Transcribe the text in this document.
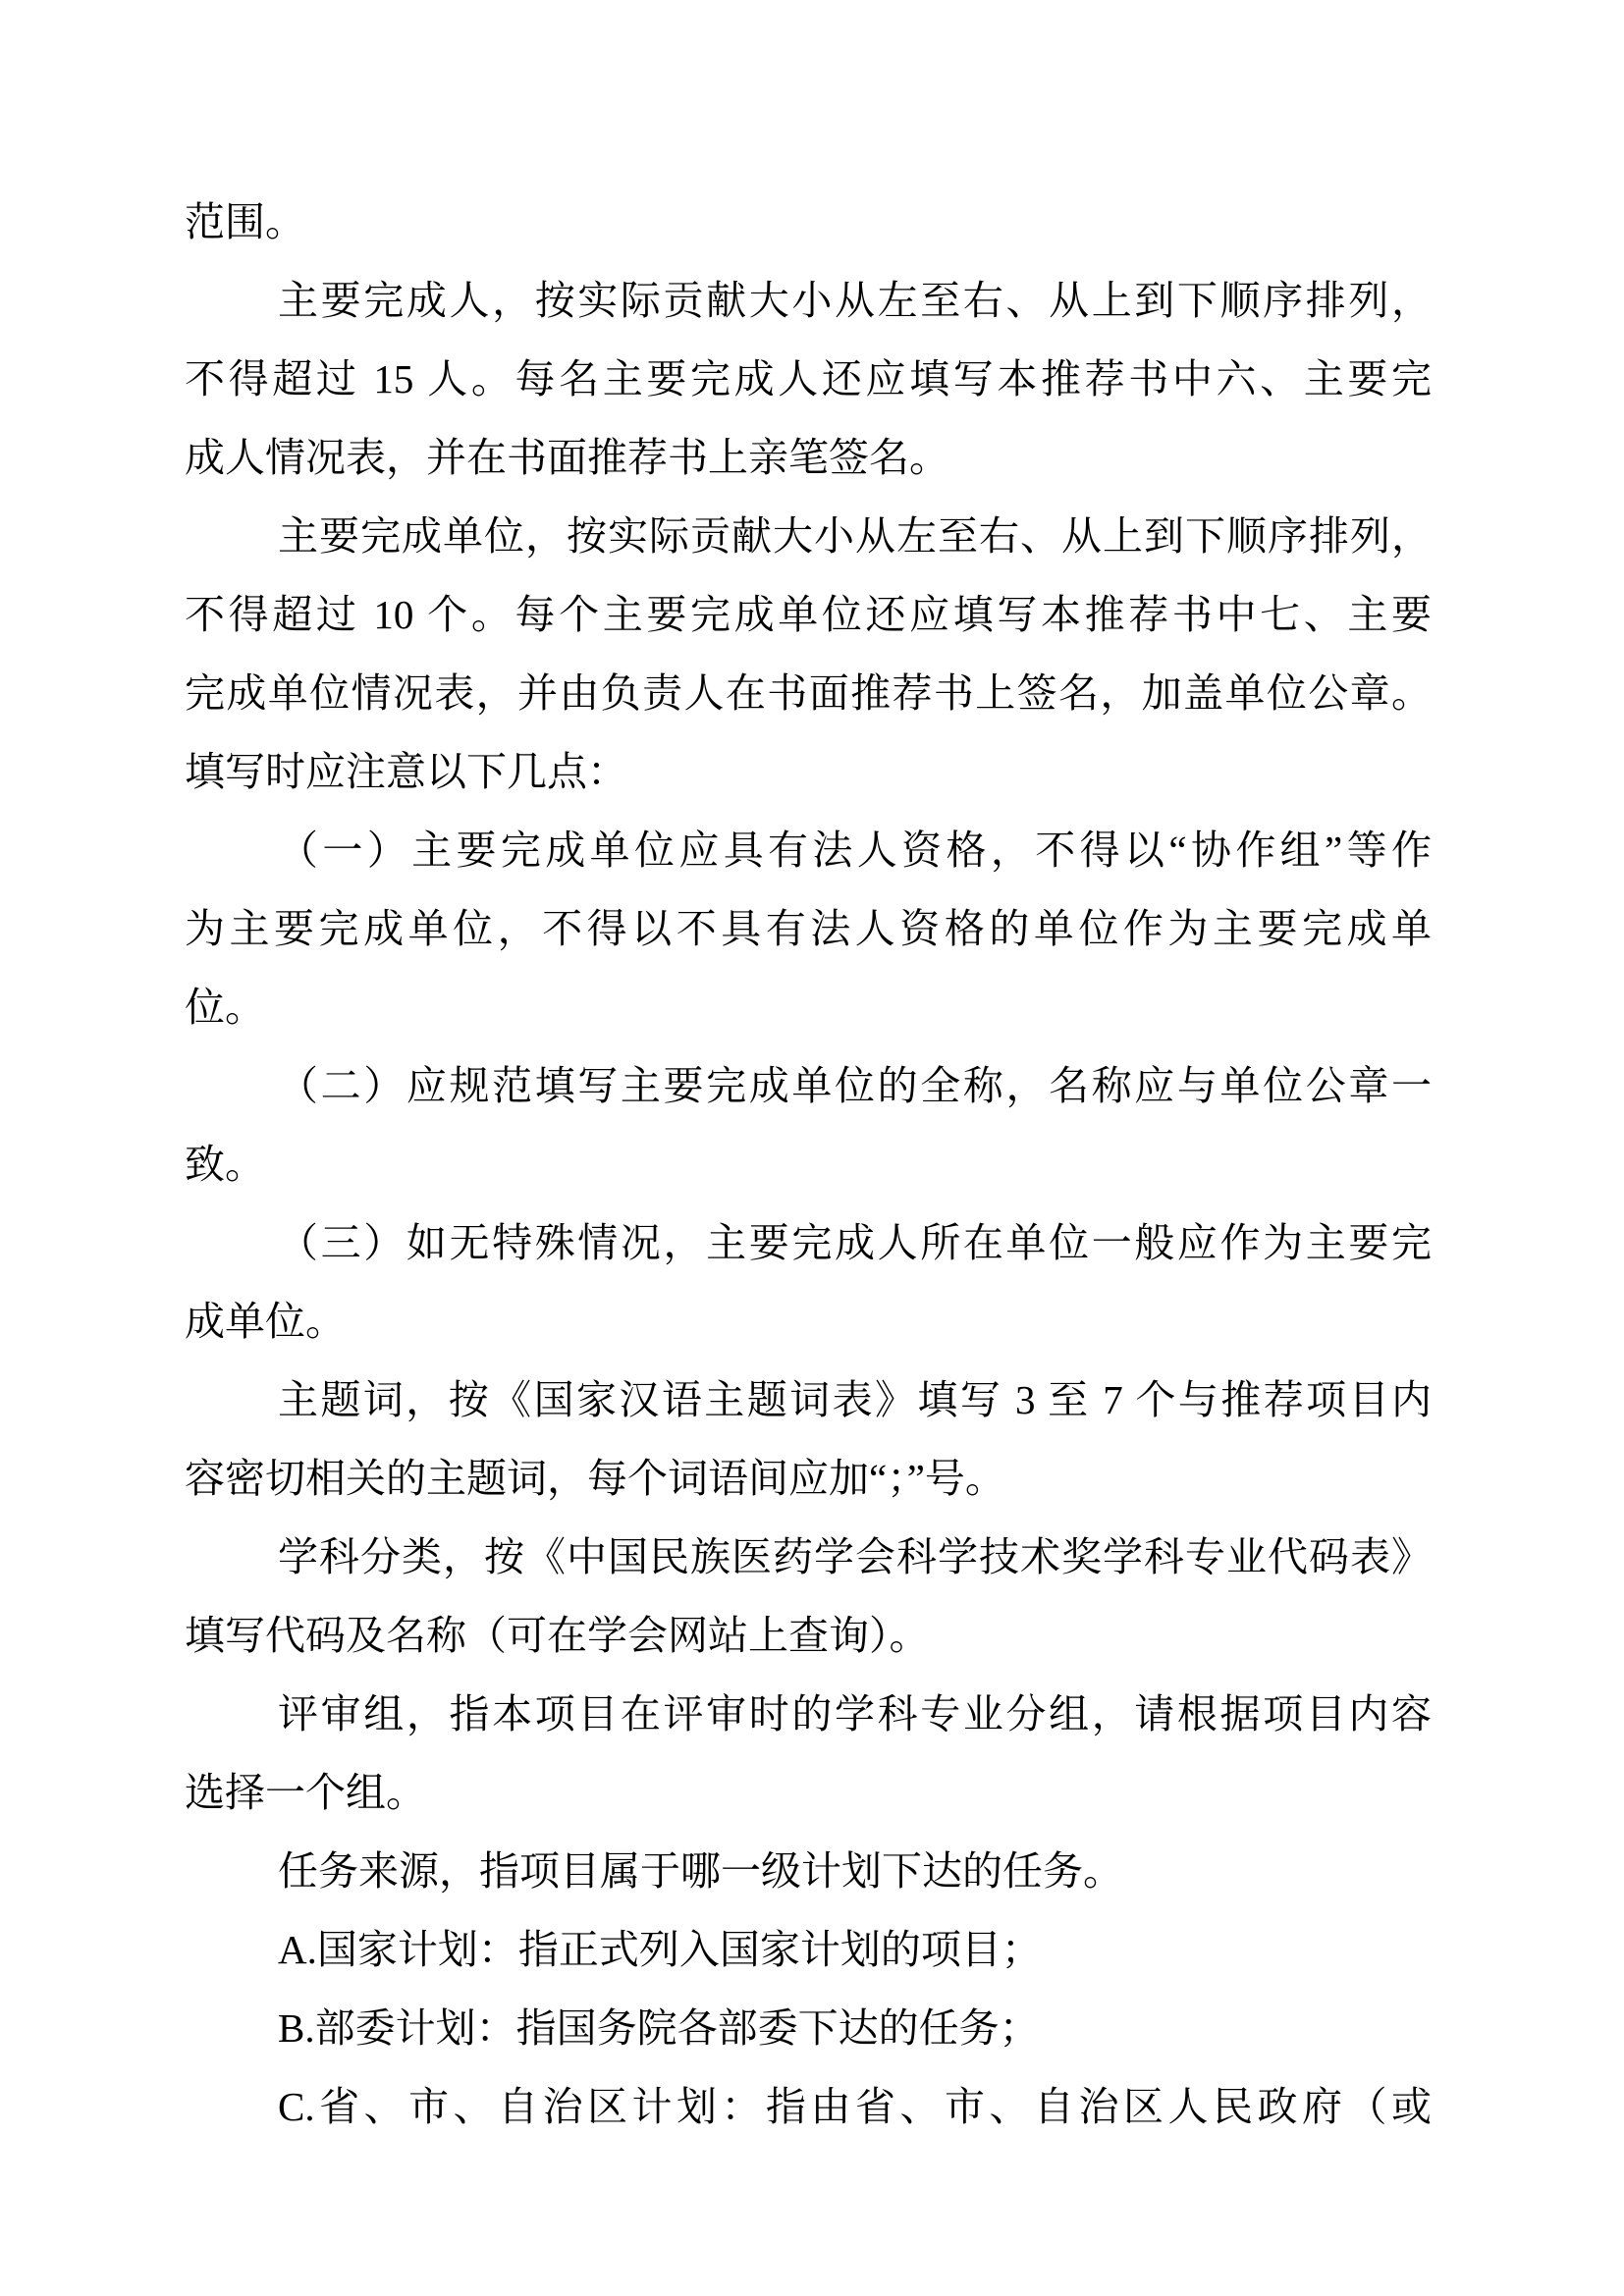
范围。
主要完成人，按实际贡献大小从左至右、从上到下顺序排列，
不得超过 15 人。每名主要完成人还应填写本推荐书中六、主要完
成人情况表，并在书面推荐书上亲笔签名。
主要完成单位，按实际贡献大小从左至右、从上到下顺序排列，
不得超过 10 个。每个主要完成单位还应填写本推荐书中七、主要
完成单位情况表，并由负责人在书面推荐书上签名，加盖单位公章。
填写时应注意以下几点：
（一）主要完成单位应具有法人资格，不得以“协作组”等作
为主要完成单位，不得以不具有法人资格的单位作为主要完成单
位。
（二）应规范填写主要完成单位的全称，名称应与单位公章一
致。
（三）如无特殊情况，主要完成人所在单位一般应作为主要完
成单位。
主题词，按《国家汉语主题词表》填写 3 至 7 个与推荐项目内
容密切相关的主题词，每个词语间应加“；”号。
学科分类，按《中国民族医药学会科学技术奖学科专业代码表》
填写代码及名称（可在学会网站上查询）。
评审组，指本项目在评审时的学科专业分组，请根据项目内容
选择一个组。
任务来源，指项目属于哪一级计划下达的任务。
A.国家计划：指正式列入国家计划的项目；
B.部委计划：指国务院各部委下达的任务；
C.省、市、自治区计划：指由省、市、自治区人民政府（或
